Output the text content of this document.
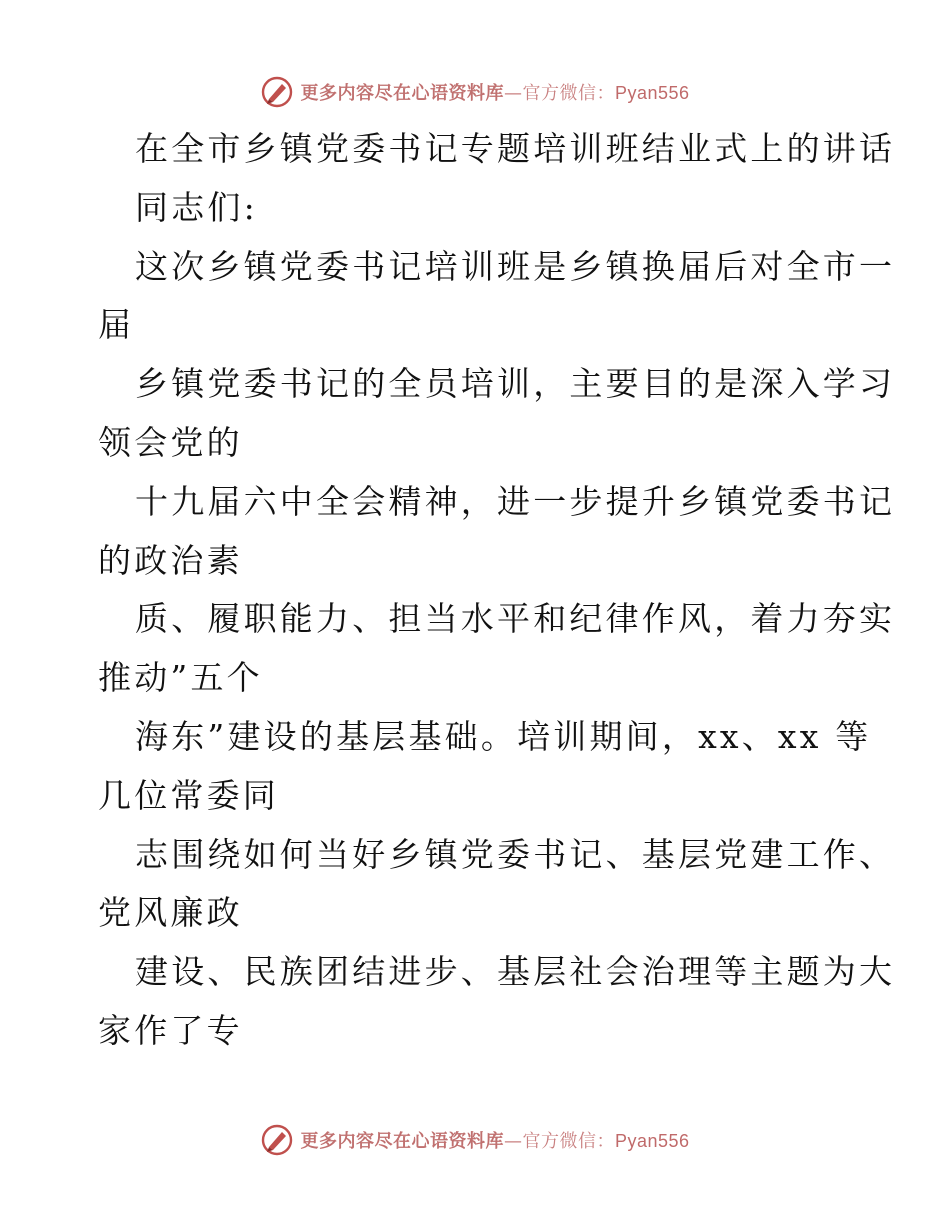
更多内容尽在心语资料库—官方微信：Pyan556
在全市乡镇党委书记专题培训班结业式上的讲话
同志们:
这次乡镇党委书记培训班是乡镇换届后对全市一
届
乡镇党委书记的全员培训，主要目的是深入学习
领会党的
十九届六中全会精神，进一步提升乡镇党委书记
的政治素
质、履职能力、担当水平和纪律作风，着力夯实
推动”五个
海东”建设的基层基础。培训期间，xx、xx 等
几位常委同
志围绕如何当好乡镇党委书记、基层党建工作、
党风廉政
建设、民族团结进步、基层社会治理等主题为大
家作了专
更多内容尽在心语资料库—官方微信：Pyan556
